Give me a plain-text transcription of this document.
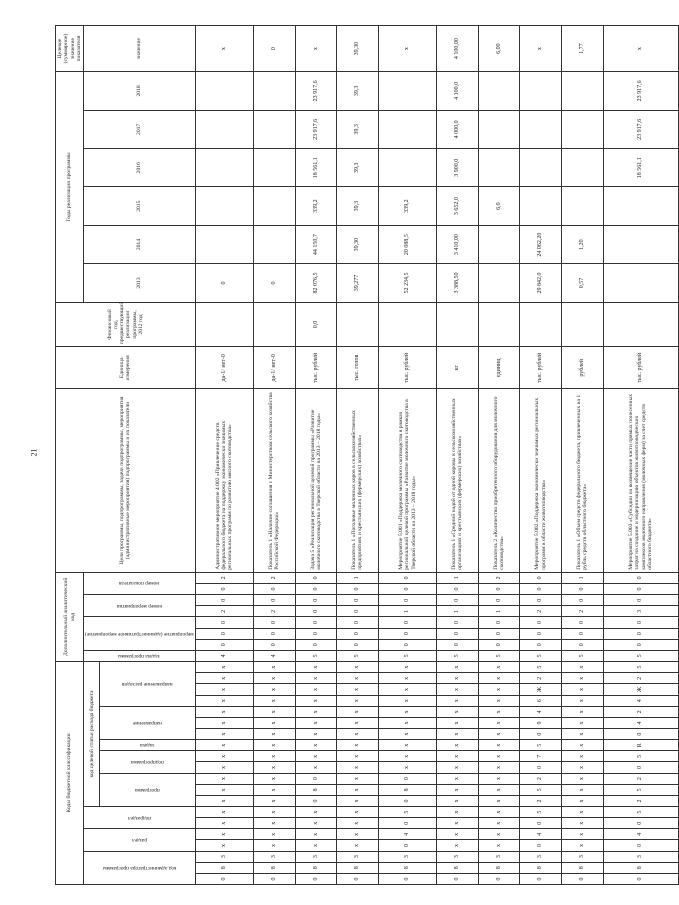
21
Коды бюджетной классификации																				Дополнительный аналитический код								Цели программы, подпрограммы, задачи подпрограммы, мероприятия (административные мероприятия) подпрограммы и их показатели	Единица измерения	Финансовый год, предшествующий реализации программы, 2012 год	Годы реализации программы						Целевое (суммарное) значение показателя

код администратора программы			раздел		подраздел		код целевой статьи расхода бюджета													задача программы	мероприятие (административное мероприятие)			номер мероприятия		номер показателя					2013	2014	2015	2016	2017	2018	значение

							программа			подпрограмма		задача	направление			направление расходов																					

0	8	3	х	х	х	х	х	х	х	х	х	х	х	х	х	х	х	х	х	4	0	0	0	2	0	0	2	Административное мероприятие 4.002 «Привлечение средств федерального бюджета на поддержку экономически значимых региональных программ по развитию мясного скотоводства»	да-1/ нет-0		0						х
0	8	3	х	х	х	х	х	х	х	х	х	х	х	х	х	х	х	х	х	4	0	0	0	2	0	0	2	Показатель 1 «Наличие соглашения с Министерством сельского хозяйства Российской Федерации»	да-1/ нет-0		0						0
0	8	3	х	х	х	х	0	8	0	х	х	х	х	х	х	х	х	х	х	5	0	0	0	0	0	0	0	Задача 5 «Реализация региональной целевой программы «Развитие молочного скотоводства в Тверской области на 2013 – 2018 годы»	тыс. рублей	0,0	82 076,5	44 150,7	339,2	18 561,1	23 917,6	23 917,6	х
0	8	3	х	х	х	х	х	х	х	х	х	х	х	х	х	х	х	х	х	5	0	0	0	0	0	0	1	Показатель 1 «Поголовье молочных коров в сельскохозяйственных предприятиях и крестьянских (фермерских) хозяйствах»	тыс. голов		39,277	39,30	39,3	39,3	39,3	39,3	39,30
0	8	3	0	4	0	5	0	8	0	х	х	х	х	х	х	х	х	х	х	5	0	0	0	1	0	0	0	Мероприятие 5.001 «Поддержка молочного скотоводства в рамках региональной целевой программы «Развитие молочного скотоводства в Тверской области на 2013 – 2018 годы»	тыс. рублей		52 234,5	20 088,5	339,2				х
0	8	3	х	х	х	х	х	х	х	х	х	х	х	х	х	х	х	х	х	5	0	0	0	1	0	0	1	Показатель 1 «Средний надой от одной коровы в сельскохозяйственных организациях и крестьянских (фермерских) хозяйствах»	кг		3 388,50	3 410,00	3 652,0	3 900,0	4 000,0	4 100,0	4 100,00
0	8	3	х	х	х	х	х	х	х	х	х	х	х	х	х	х	х	х	х	5	0	0	0	1	0	0	2	Показатель 2 «Количество приобретенного оборудования для молочного скотоводства»	единиц				6,0				6,00
0	8	3	0	4	0	5	2	5	2	0	7	5	0	9	4	6	Ж	2	5	5	0	0	0	2	0	0	0	Мероприятие 5.002 «Поддержка экономически значимых региональных программ в области животноводства»	тыс. рублей		29 842,0	24 062,20					х
0	8	3	х	х	х	х	х	х	х	х	х	х	х	х	х	х	х	х	х	5	0	0	0	2	0	0	1	Показатель 1 «Объем средств федерального бюджета, привлеченных на 1 рубль средств областного бюджета»	рублей		0,57	1,20					1,77
0	8	3	0	4	0	5	2	5	2	0	5	R	0	4	2	4	Ж	2	5	5	0	0	0	3	0	0	0	Мероприятие 5.003 «Субсидии на возмещение части прямых понесенных затрат на создание и модернизацию объектов животноводческих комплексов молочного направления (молочных ферм) за счет средств областного бюджета»	тыс. рублей					18 561,1	23 917,6	23 917,6	х
